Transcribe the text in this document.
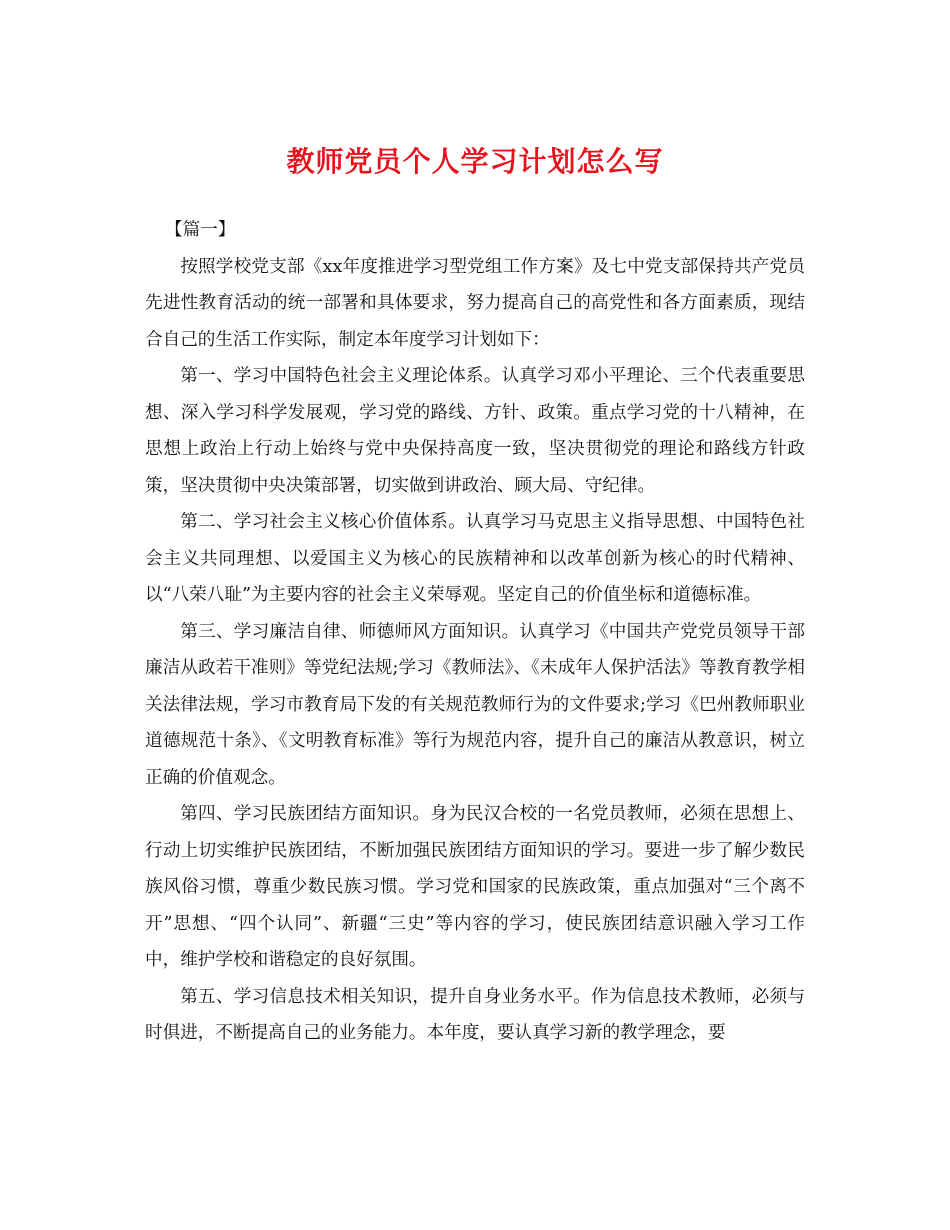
教师党员个人学习计划怎么写

【篇一】

按照学校党支部《xx年度推进学习型党组工作方案》及七中党支部保持共产党员先进性教育活动的统一部署和具体要求，努力提高自己的高党性和各方面素质，现结合自己的生活工作实际，制定本年度学习计划如下：

第一、学习中国特色社会主义理论体系。认真学习邓小平理论、三个代表重要思想、深入学习科学发展观，学习党的路线、方针、政策。重点学习党的十八精神，在思想上政治上行动上始终与党中央保持高度一致，坚决贯彻党的理论和路线方针政策，坚决贯彻中央决策部署，切实做到讲政治、顾大局、守纪律。

第二、学习社会主义核心价值体系。认真学习马克思主义指导思想、中国特色社会主义共同理想、以爱国主义为核心的民族精神和以改革创新为核心的时代精神、以“八荣八耻”为主要内容的社会主义荣辱观。坚定自己的价值坐标和道德标准。

第三、学习廉洁自律、师德师风方面知识。认真学习《中国共产党党员领导干部廉洁从政若干准则》等党纪法规;学习《教师法》、《未成年人保护活法》等教育教学相关法律法规，学习市教育局下发的有关规范教师行为的文件要求;学习《巴州教师职业道德规范十条》、《文明教育标准》等行为规范内容，提升自己的廉洁从教意识，树立正确的价值观念。

第四、学习民族团结方面知识。身为民汉合校的一名党员教师，必须在思想上、行动上切实维护民族团结，不断加强民族团结方面知识的学习。要进一步了解少数民族风俗习惯，尊重少数民族习惯。学习党和国家的民族政策，重点加强对“三个离不开”思想、“四个认同”、新疆“三史”等内容的学习，使民族团结意识融入学习工作中，维护学校和谐稳定的良好氛围。

第五、学习信息技术相关知识，提升自身业务水平。作为信息技术教师，必须与时俱进，不断提高自己的业务能力。本年度，要认真学习新的教学理念，要
